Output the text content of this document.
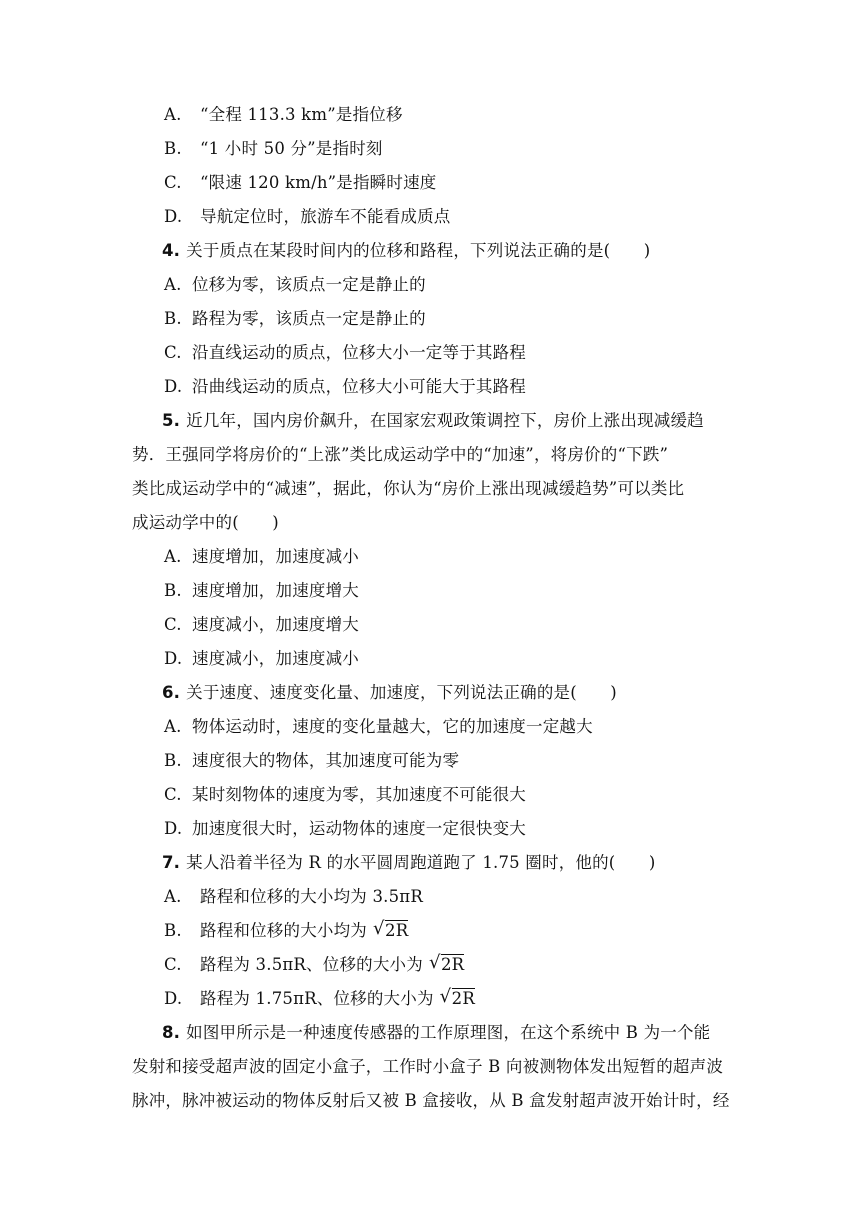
A. “全程 113.3 km”是指位移
B. “1 小时 50 分”是指时刻
C. “限速 120 km/h”是指瞬时速度
D. 导航定位时，旅游车不能看成质点
4. 关于质点在某段时间内的位移和路程，下列说法正确的是(　　)
A. 位移为零，该质点一定是静止的
B. 路程为零，该质点一定是静止的
C. 沿直线运动的质点，位移大小一定等于其路程
D. 沿曲线运动的质点，位移大小可能大于其路程
5. 近几年，国内房价飙升，在国家宏观政策调控下，房价上涨出现减缓趋
势．王强同学将房价的“上涨”类比成运动学中的“加速”，将房价的“下跌”
类比成运动学中的“减速”，据此，你认为“房价上涨出现减缓趋势”可以类比
成运动学中的(　　)
A. 速度增加，加速度减小
B. 速度增加，加速度增大
C. 速度减小，加速度增大
D. 速度减小，加速度减小
6. 关于速度、速度变化量、加速度，下列说法正确的是(　　)
A. 物体运动时，速度的变化量越大，它的加速度一定越大
B. 速度很大的物体，其加速度可能为零
C. 某时刻物体的速度为零，其加速度不可能很大
D. 加速度很大时，运动物体的速度一定很快变大
7. 某人沿着半径为 R 的水平圆周跑道跑了 1.75 圈时，他的(　　)
A. 路程和位移的大小均为 3.5πR
B. 路程和位移的大小均为 √ 2R
C. 路程为 3.5πR、位移的大小为 √ 2R
D. 路程为 1.75πR、位移的大小为 √ 2R
8. 如图甲所示是一种速度传感器的工作原理图，在这个系统中 B 为一个能
发射和接受超声波的固定小盒子，工作时小盒子 B 向被测物体发出短暂的超声波
脉冲，脉冲被运动的物体反射后又被 B 盒接收，从 B 盒发射超声波开始计时，经
